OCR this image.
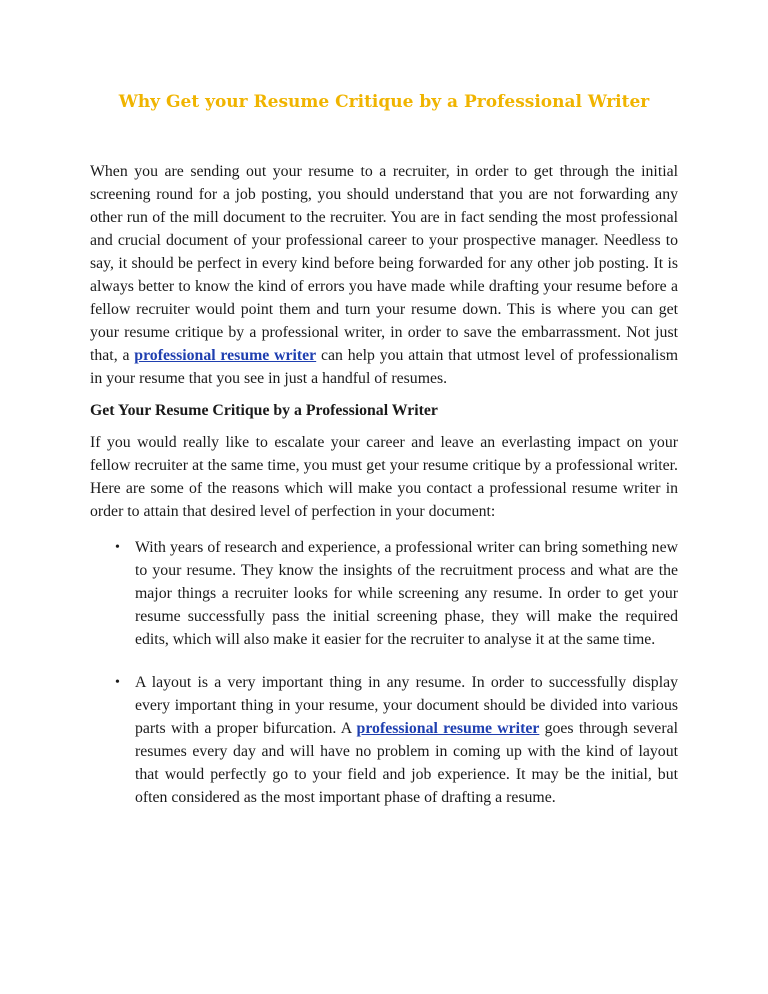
Why Get your Resume Critique by a Professional Writer

When you are sending out your resume to a recruiter, in order to get through the initial screening round for a job posting, you should understand that you are not forwarding any other run of the mill document to the recruiter. You are in fact sending the most professional and crucial document of your professional career to your prospective manager. Needless to say, it should be perfect in every kind before being forwarded for any other job posting. It is always better to know the kind of errors you have made while drafting your resume before a fellow recruiter would point them and turn your resume down. This is where you can get your resume critique by a professional writer, in order to save the embarrassment. Not just that, a professional resume writer can help you attain that utmost level of professionalism in your resume that you see in just a handful of resumes.

Get Your Resume Critique by a Professional Writer

If you would really like to escalate your career and leave an everlasting impact on your fellow recruiter at the same time, you must get your resume critique by a professional writer. Here are some of the reasons which will make you contact a professional resume writer in order to attain that desired level of perfection in your document:

• With years of research and experience, a professional writer can bring something new to your resume. They know the insights of the recruitment process and what are the major things a recruiter looks for while screening any resume. In order to get your resume successfully pass the initial screening phase, they will make the required edits, which will also make it easier for the recruiter to analyse it at the same time.
• A layout is a very important thing in any resume. In order to successfully display every important thing in your resume, your document should be divided into various parts with a proper bifurcation. A professional resume writer goes through several resumes every day and will have no problem in coming up with the kind of layout that would perfectly go to your field and job experience. It may be the initial, but often considered as the most important phase of drafting a resume.
